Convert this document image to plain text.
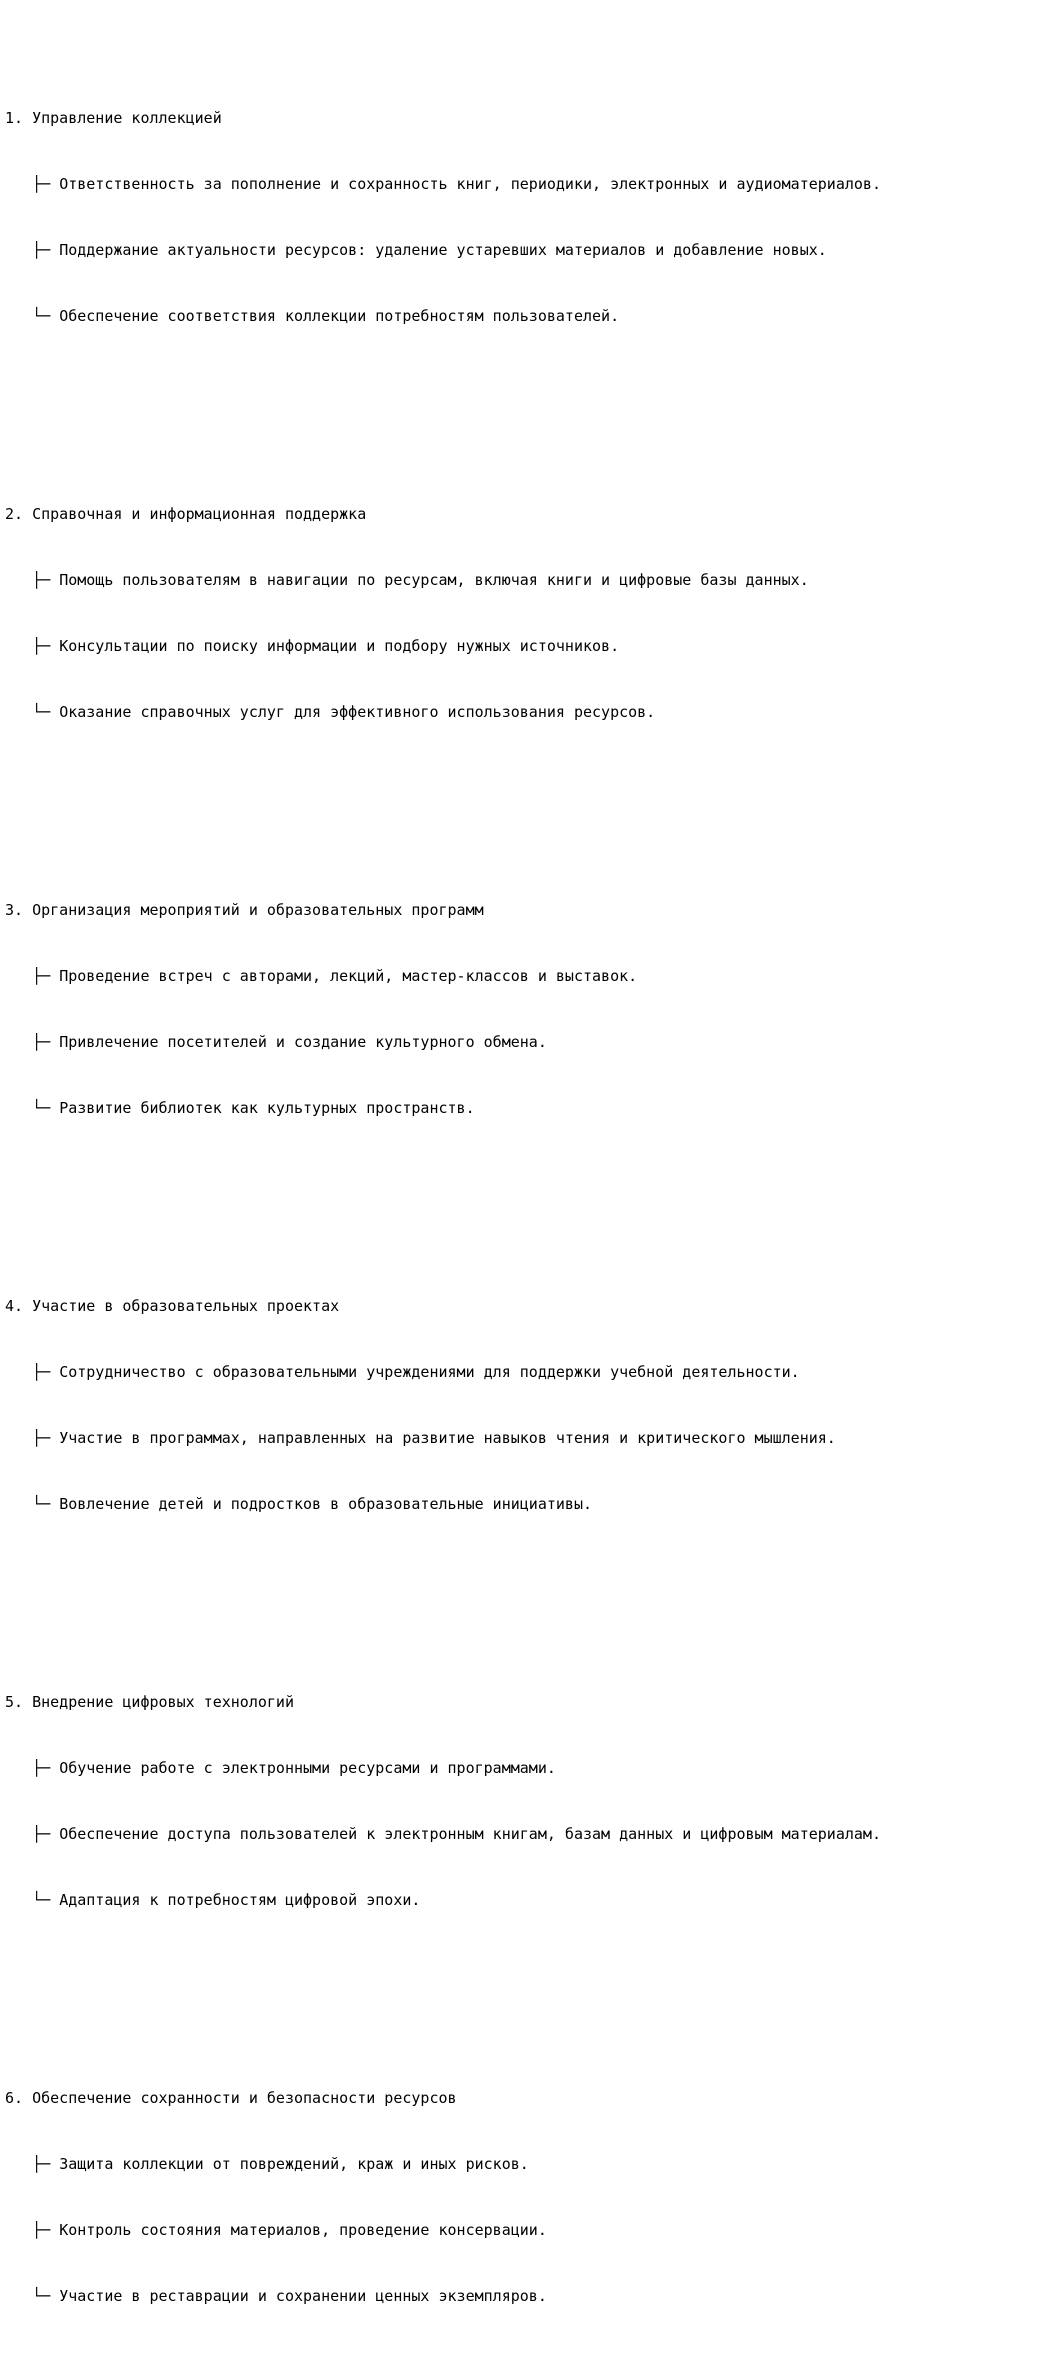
1. Управление коллекцией

├─ Ответственность за пополнение и сохранность книг, периодики, электронных и аудиоматериалов.

├─ Поддержание актуальности ресурсов: удаление устаревших материалов и добавление новых.

└─ Обеспечение соответствия коллекции потребностям пользователей.

2. Справочная и информационная поддержка

├─ Помощь пользователям в навигации по ресурсам, включая книги и цифровые базы данных.

├─ Консультации по поиску информации и подбору нужных источников.

└─ Оказание справочных услуг для эффективного использования ресурсов.

3. Организация мероприятий и образовательных программ

├─ Проведение встреч с авторами, лекций, мастер-классов и выставок.

├─ Привлечение посетителей и создание культурного обмена.

└─ Развитие библиотек как культурных пространств.

4. Участие в образовательных проектах

├─ Сотрудничество с образовательными учреждениями для поддержки учебной деятельности.

├─ Участие в программах, направленных на развитие навыков чтения и критического мышления.

└─ Вовлечение детей и подростков в образовательные инициативы.

5. Внедрение цифровых технологий

├─ Обучение работе с электронными ресурсами и программами.

├─ Обеспечение доступа пользователей к электронным книгам, базам данных и цифровым материалам.

└─ Адаптация к потребностям цифровой эпохи.

6. Обеспечение сохранности и безопасности ресурсов

├─ Защита коллекции от повреждений, краж и иных рисков.

├─ Контроль состояния материалов, проведение консервации.

└─ Участие в реставрации и сохранении ценных экземпляров.
